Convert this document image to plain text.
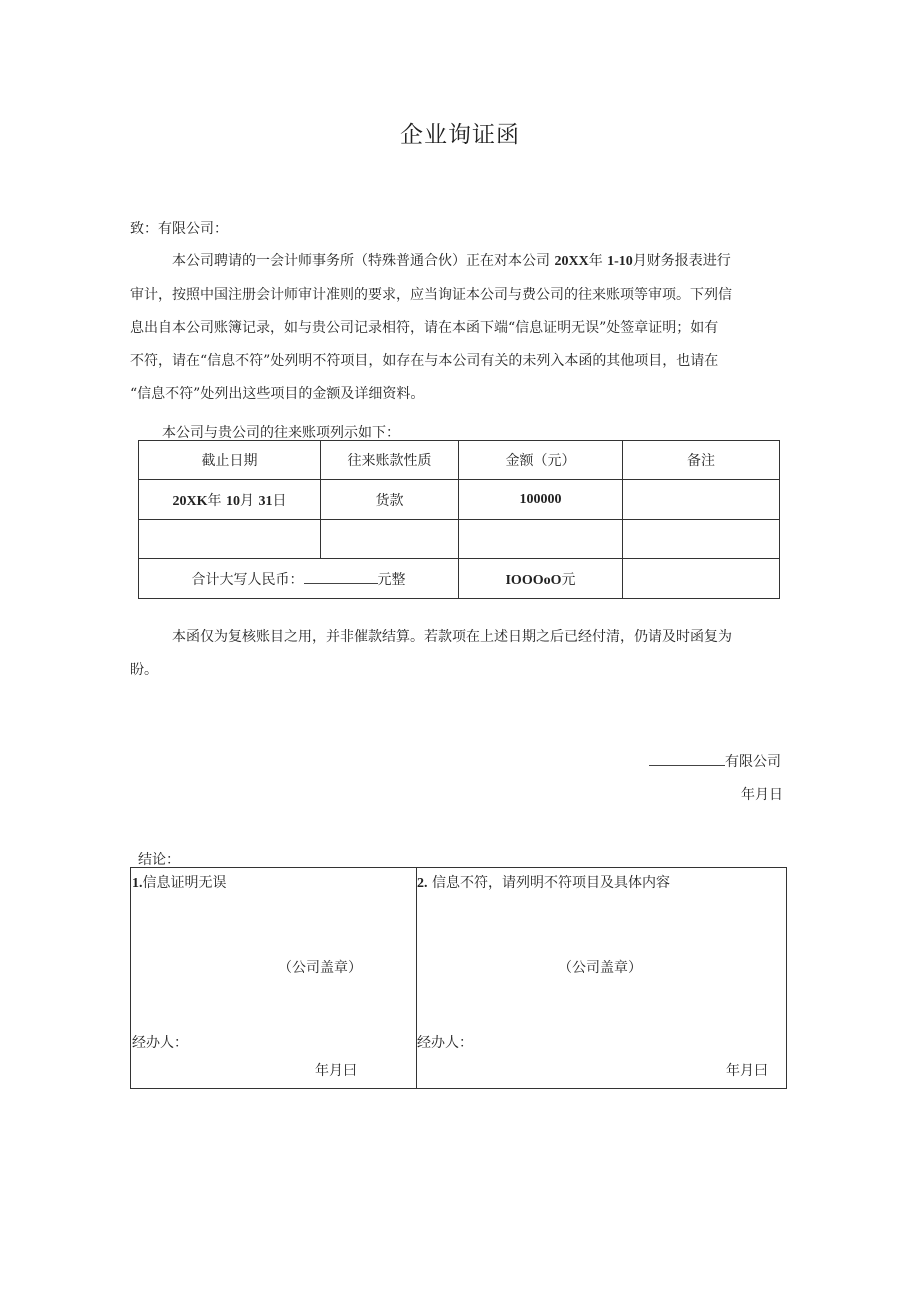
企业询证函
致：有限公司：
本公司聘请的一会计师事务所（特殊普通合伙）正在对本公司 20XX年 1-10月财务报表进行
审计，按照中国注册会计师审计准则的要求，应当询证本公司与费公司的往来账项等审项。下列信
息出自本公司账簿记录，如与贵公司记录相符，请在本函下端“信息证明无误”处签章证明；如有
不符，请在“信息不符”处列明不符项目，如存在与本公司有关的未列入本函的其他项目，也请在
“信息不符”处列出这些项目的金额及详细资料。
本公司与贵公司的往来账项列示如下：
截止日期	往来账款性质	金额（元）	备注
20XK年 10月 31日	货款	100000	

合计大写人民币： 元整		IOOOoO元	
本函仅为复核账目之用，并非催款结算。若款项在上述日期之后已经付清，仍请及时函复为
盼。
有限公司
年月日
结论：
1.信息证明无误
（公司盖章）
经办人：
年月曰
2. 信息不符，请列明不符项目及具体内容
（公司盖章）
经办人：
年月曰
